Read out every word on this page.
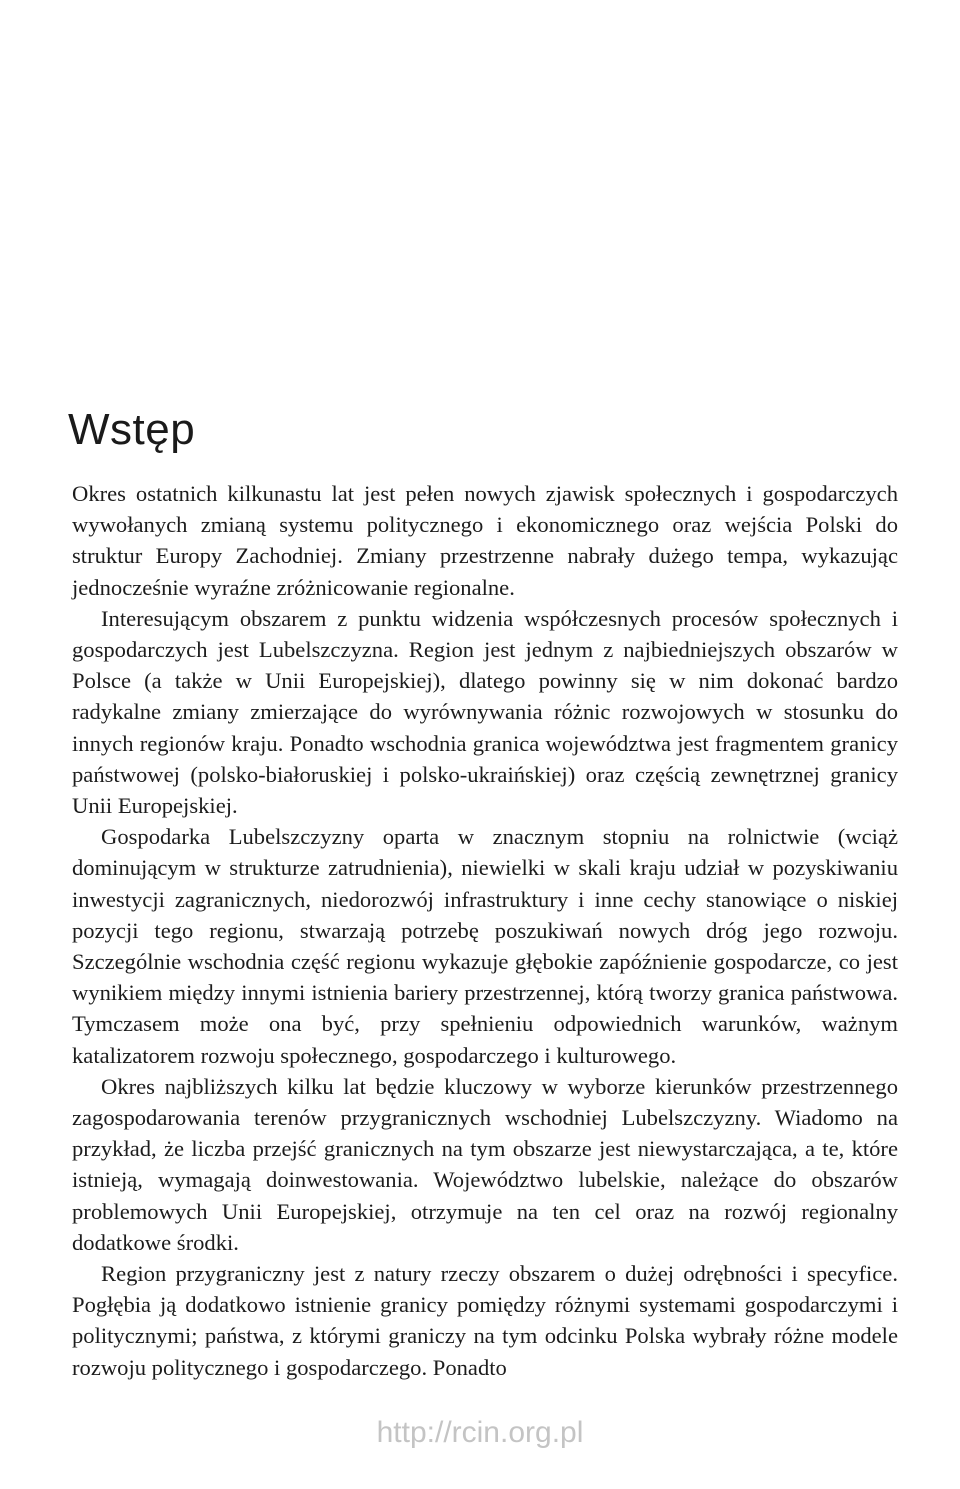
Wstęp

Okres ostatnich kilkunastu lat jest pełen nowych zjawisk społecznych i gospodarczych wywołanych zmianą systemu politycznego i ekonomicznego oraz wejścia Polski do struktur Europy Zachodniej. Zmiany przestrzenne nabrały dużego tempa, wykazując jednocześnie wyraźne zróżnicowanie regionalne.

Interesującym obszarem z punktu widzenia współczesnych procesów społecznych i gospodarczych jest Lubelszczyzna. Region jest jednym z najbiedniejszych obszarów w Polsce (a także w Unii Europejskiej), dlatego powinny się w nim dokonać bardzo radykalne zmiany zmierzające do wyrównywania różnic rozwojowych w stosunku do innych regionów kraju. Ponadto wschodnia granica województwa jest fragmentem granicy państwowej (polsko-białoruskiej i polsko-ukraińskiej) oraz częścią zewnętrznej granicy Unii Europejskiej.

Gospodarka Lubelszczyzny oparta w znacznym stopniu na rolnictwie (wciąż dominującym w strukturze zatrudnienia), niewielki w skali kraju udział w pozyskiwaniu inwestycji zagranicznych, niedorozwój infrastruktury i inne cechy stanowiące o niskiej pozycji tego regionu, stwarzają potrzebę poszukiwań nowych dróg jego rozwoju. Szczególnie wschodnia część regionu wykazuje głębokie zapóźnienie gospodarcze, co jest wynikiem między innymi istnienia bariery przestrzennej, którą tworzy granica państwowa. Tymczasem może ona być, przy spełnieniu odpowiednich warunków, ważnym katalizatorem rozwoju społecznego, gospodarczego i kulturowego.

Okres najbliższych kilku lat będzie kluczowy w wyborze kierunków przestrzennego zagospodarowania terenów przygranicznych wschodniej Lubelszczyzny. Wiadomo na przykład, że liczba przejść granicznych na tym obszarze jest niewystarczająca, a te, które istnieją, wymagają doinwestowania. Województwo lubelskie, należące do obszarów problemowych Unii Europejskiej, otrzymuje na ten cel oraz na rozwój regionalny dodatkowe środki.

Region przygraniczny jest z natury rzeczy obszarem o dużej odrębności i specyfice. Pogłębia ją dodatkowo istnienie granicy pomiędzy różnymi systemami gospodarczymi i politycznymi; państwa, z którymi graniczy na tym odcinku Polska wybrały różne modele rozwoju politycznego i gospodarczego. Ponadto

http://rcin.org.pl
